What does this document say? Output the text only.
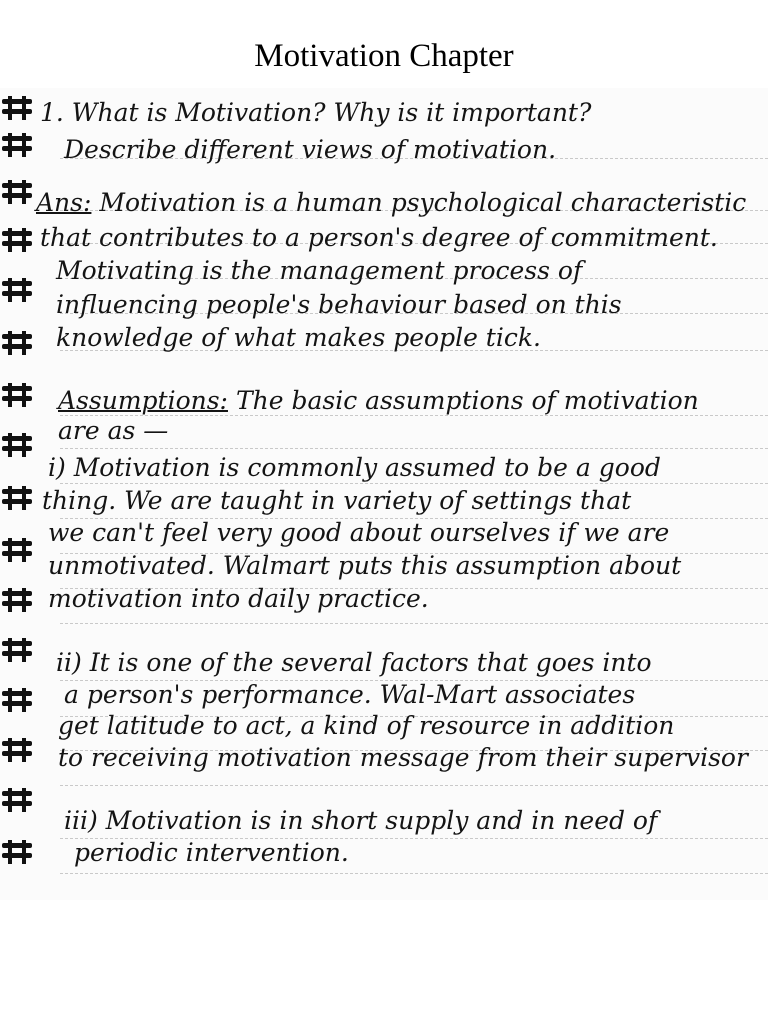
Motivation Chapter
1. What is Motivation? Why is it important?
Describe different views of motivation.
Ans: Motivation is a human psychological characteristic
that contributes to a person's degree of commitment.
Motivating is the management process of
influencing people's behaviour based on this
knowledge of what makes people tick.
Assumptions: The basic assumptions of motivation
are as —
i) Motivation is commonly assumed to be a good
thing. We are taught in variety of settings that
we can't feel very good about ourselves if we are
unmotivated. Walmart puts this assumption about
motivation into daily practice.
ii) It is one of the several factors that goes into
a person's performance. Wal-Mart associates
get latitude to act, a kind of resource in addition
to receiving motivation message from their supervisor
iii) Motivation is in short supply and in need of
periodic intervention.
